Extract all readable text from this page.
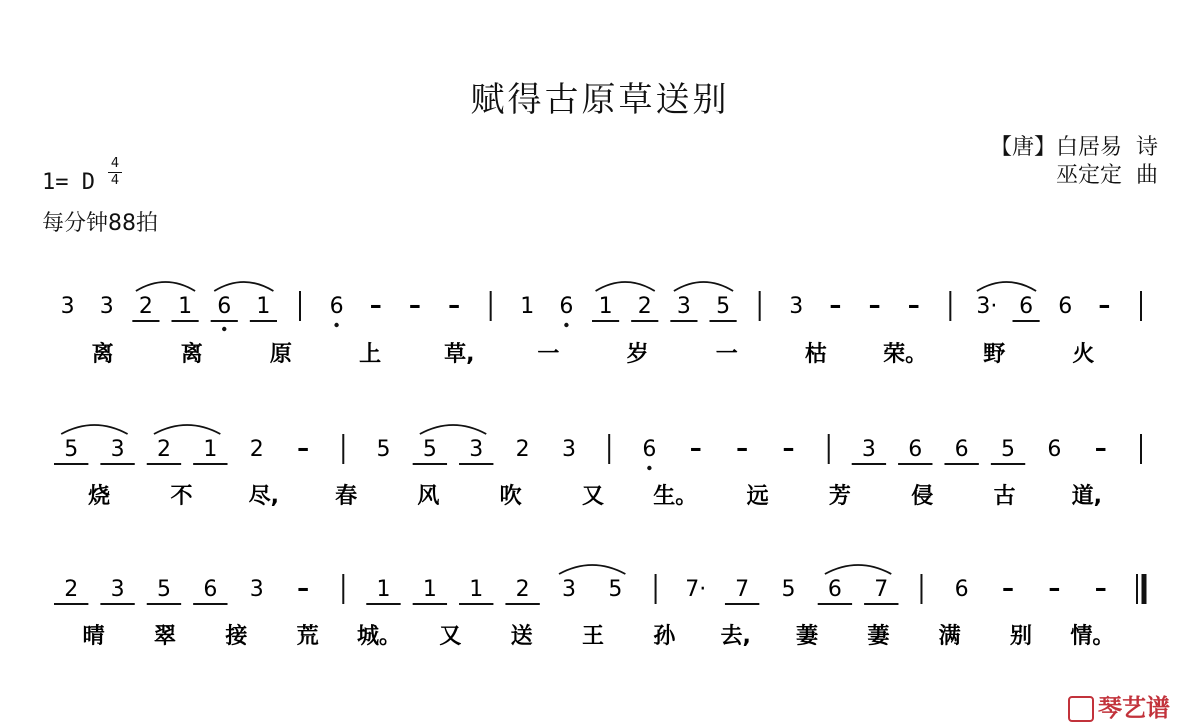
赋得古原草送别
【唐】白居易  诗
巫定定  曲
1= D
4
4
每分钟88拍
3 3 2 1 6 1	6 – – –	1 6 1 2 3 5	3 – – –	3· 6 6 –
离	离	原	上	草,	一	岁	一	枯	荣。	野	火
5 3 2 1 2 –	5 5 3 2 3	6 – – –	3 6 6 5 6 –
烧	不	尽,	春	风	吹	又 生。 远	芳	侵	古	道,
2 3 5 6 3 –	1 1 1 2 3 5	7· 7 5 6 7	6 – – –
晴 翠 接 荒 城。 又 送 王 孙 去, 萋 萋 满 别 情。
琴艺谱
